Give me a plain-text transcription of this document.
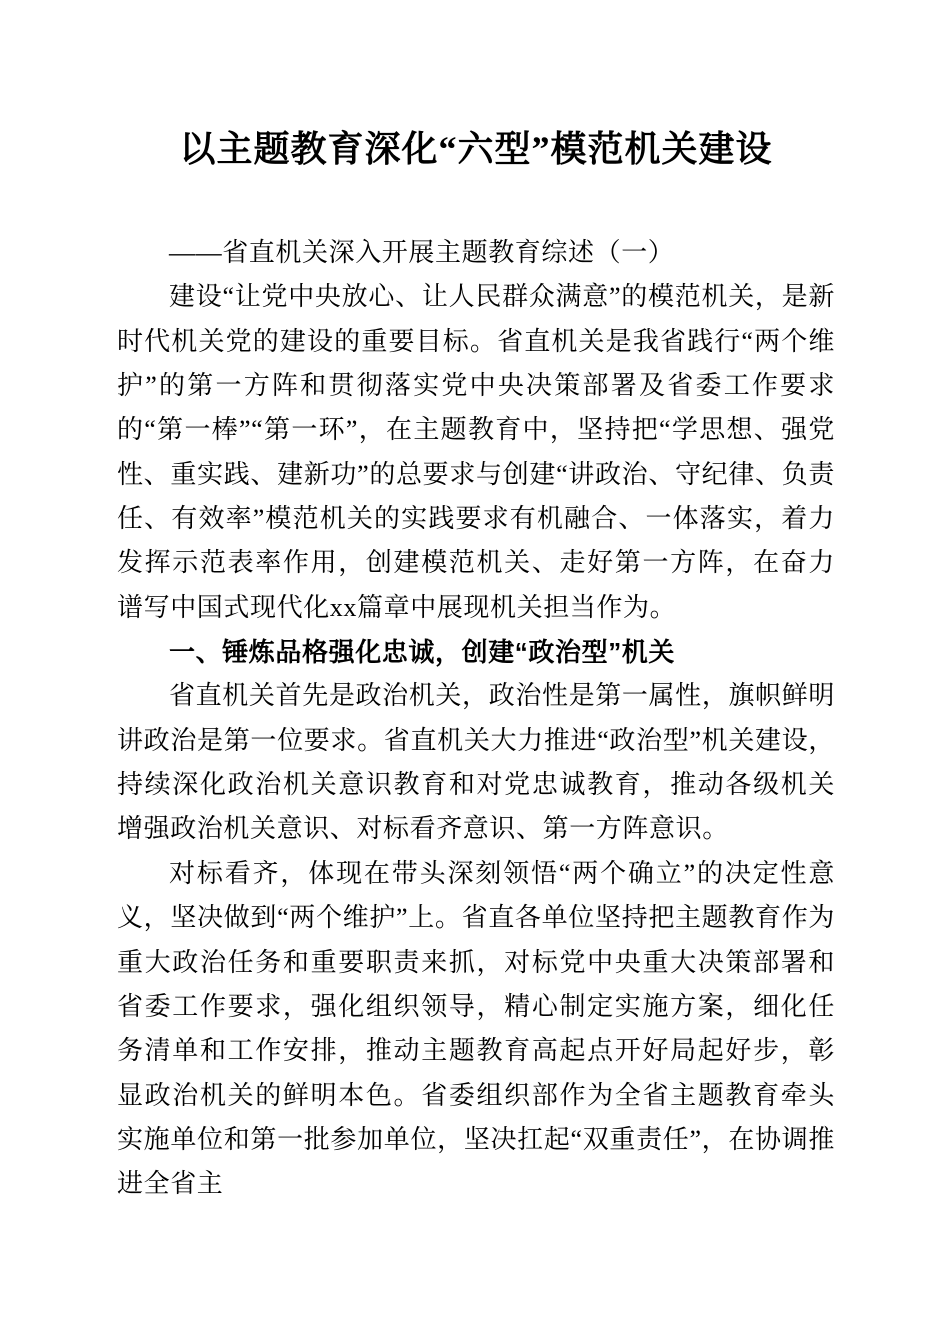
以主题教育深化“六型”模范机关建设

——省直机关深入开展主题教育综述（一）

建设“让党中央放心、让人民群众满意”的模范机关，是新时代机关党的建设的重要目标。省直机关是我省践行“两个维护”的第一方阵和贯彻落实党中央决策部署及省委工作要求的“第一棒”“第一环”，在主题教育中，坚持把“学思想、强党性、重实践、建新功”的总要求与创建“讲政治、守纪律、负责任、有效率”模范机关的实践要求有机融合、一体落实，着力发挥示范表率作用，创建模范机关、走好第一方阵，在奋力谱写中国式现代化xx篇章中展现机关担当作为。

一、锤炼品格强化忠诚，创建“政治型”机关

省直机关首先是政治机关，政治性是第一属性，旗帜鲜明讲政治是第一位要求。省直机关大力推进“政治型”机关建设，持续深化政治机关意识教育和对党忠诚教育，推动各级机关增强政治机关意识、对标看齐意识、第一方阵意识。

对标看齐，体现在带头深刻领悟“两个确立”的决定性意义，坚决做到“两个维护”上。省直各单位坚持把主题教育作为重大政治任务和重要职责来抓，对标党中央重大决策部署和省委工作要求，强化组织领导，精心制定实施方案，细化任务清单和工作安排，推动主题教育高起点开好局起好步，彰显政治机关的鲜明本色。省委组织部作为全省主题教育牵头实施单位和第一批参加单位，坚决扛起“双重责任”，在协调推进全省主
